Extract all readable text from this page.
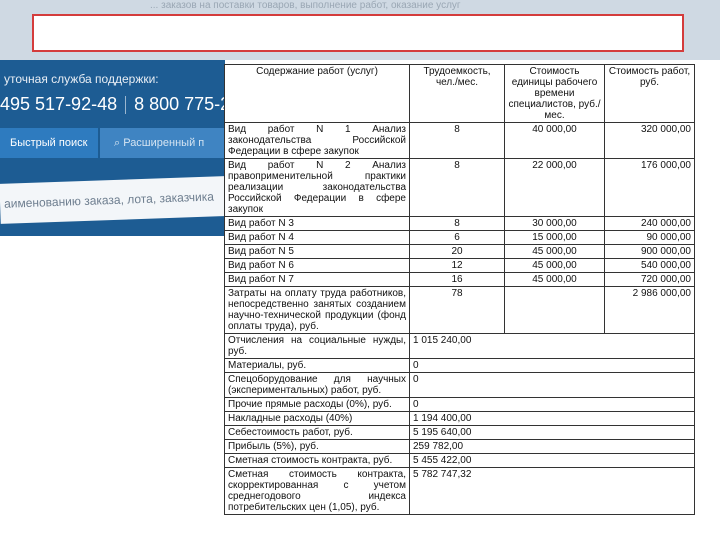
уточная служба поддержки:
495 517-92-48 8 800 775-21-
Быстрый поиск	⌕ Расширенный п
аименованию заказа, лота, заказчика
... заказов на поставки товаров, выполнение работ, оказание услуг
Содержание работ (услуг)	Трудоемкость, чел./мес.	Стоимость единицы рабочего времени специалистов, руб./мес.	Стоимость работ, руб.
Вид работ N 1 Анализ законодательства Российской Федерации в сфере закупок	8	40 000,00	320 000,00
Вид работ N 2 Анализ правоприменительной практики реализации законодательства Российской Федерации в сфере закупок	8	22 000,00	176 000,00
Вид работ N 3	8	30 000,00	240 000,00
Вид работ N 4	6	15 000,00	90 000,00
Вид работ N 5	20	45 000,00	900 000,00
Вид работ N 6	12	45 000,00	540 000,00
Вид работ N 7	16	45 000,00	720 000,00
Затраты на оплату труда работников, непосредственно занятых созданием научно-технической продукции (фонд оплаты труда), руб.	78		2 986 000,00
Отчисления на социальные нужды, руб.	1 015 240,00		
Материалы, руб.	0		
Спецоборудование для научных (экспериментальных) работ, руб.	0		
Прочие прямые расходы (0%), руб.	0		
Накладные расходы (40%)	1 194 400,00		
Себестоимость работ, руб.	5 195 640,00		
Прибыль (5%), руб.	259 782,00		
Сметная стоимость контракта, руб.	5 455 422,00		
Сметная стоимость контракта, скорректированная с учетом среднегодового индекса потребительских цен (1,05), руб.	5 782 747,32		
